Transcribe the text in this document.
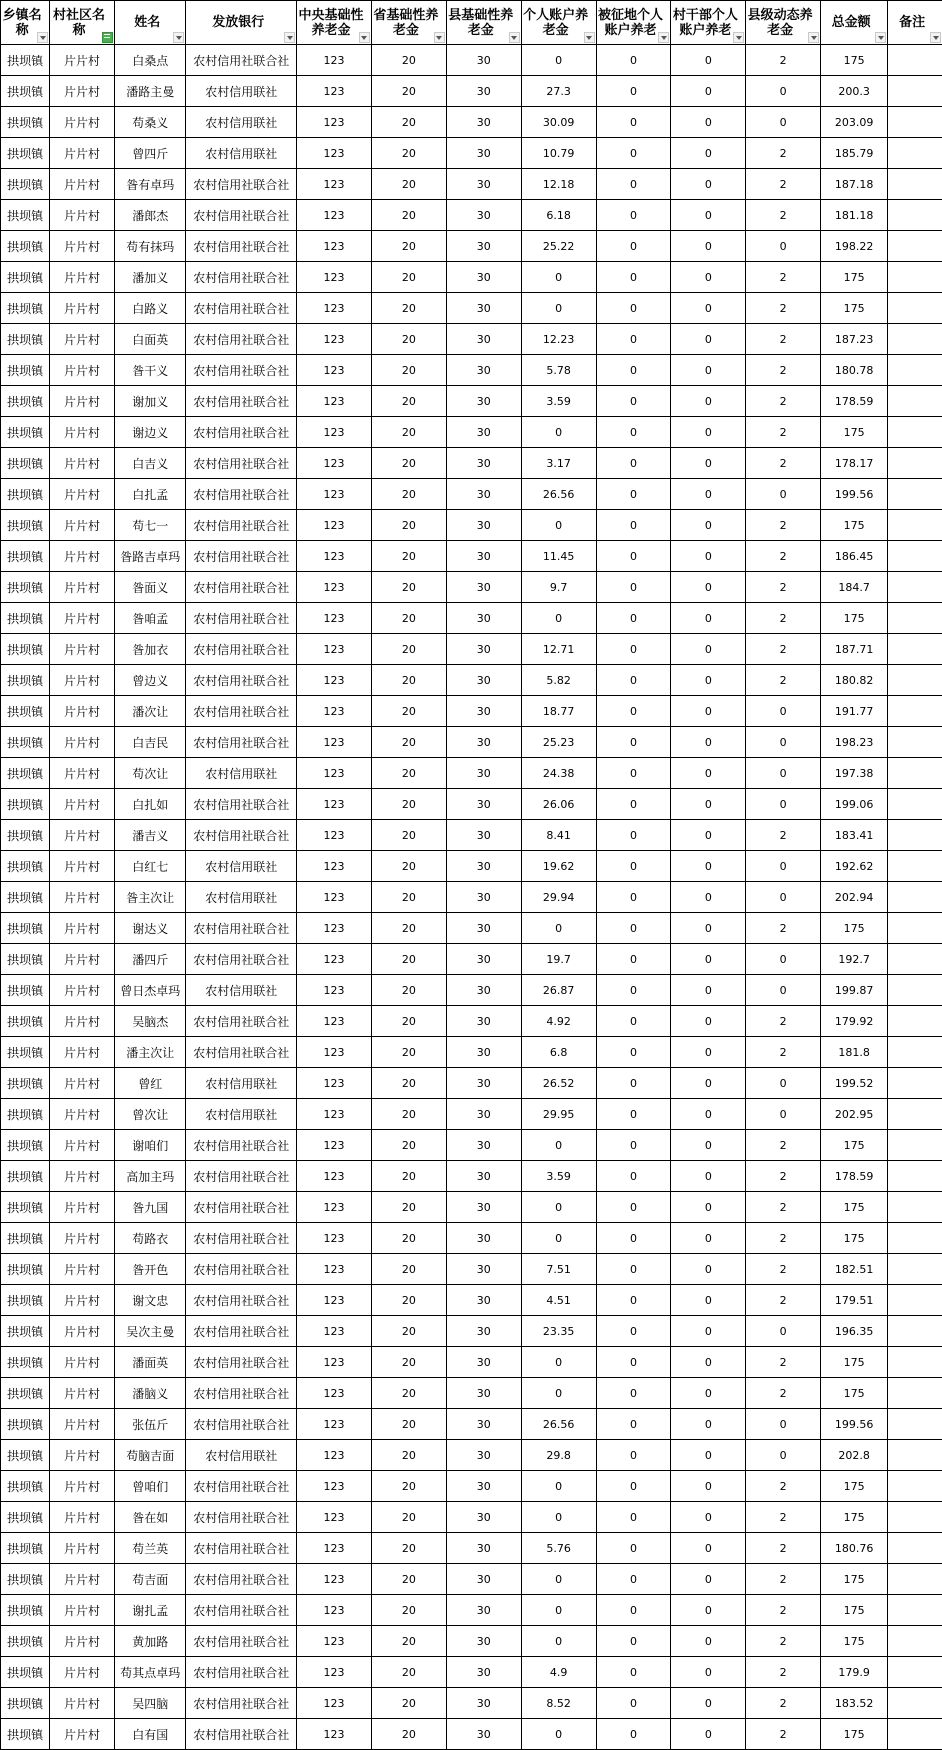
乡镇名称	村社区名称	姓名	发放银行	中央基础性养老金	省基础性养老金	县基础性养老金	个人账户养老金	被征地个人账户养老	村干部个人账户养老	县级动态养老金	总金额	备注

拱坝镇	片片村	白桑点	农村信用社联合社	123	20	30	0	0	0	2	175	
拱坝镇	片片村	潘路主曼	农村信用联社	123	20	30	27.3	0	0	0	200.3	
拱坝镇	片片村	苟桑义	农村信用联社	123	20	30	30.09	0	0	0	203.09	
拱坝镇	片片村	曾四斤	农村信用联社	123	20	30	10.79	0	0	2	185.79	
拱坝镇	片片村	昝有卓玛	农村信用社联合社	123	20	30	12.18	0	0	2	187.18	
拱坝镇	片片村	潘郎杰	农村信用社联合社	123	20	30	6.18	0	0	2	181.18	
拱坝镇	片片村	苟有抹玛	农村信用社联合社	123	20	30	25.22	0	0	0	198.22	
拱坝镇	片片村	潘加义	农村信用社联合社	123	20	30	0	0	0	2	175	
拱坝镇	片片村	白路义	农村信用社联合社	123	20	30	0	0	0	2	175	
拱坝镇	片片村	白面英	农村信用社联合社	123	20	30	12.23	0	0	2	187.23	
拱坝镇	片片村	昝干义	农村信用社联合社	123	20	30	5.78	0	0	2	180.78	
拱坝镇	片片村	谢加义	农村信用社联合社	123	20	30	3.59	0	0	2	178.59	
拱坝镇	片片村	谢边义	农村信用社联合社	123	20	30	0	0	0	2	175	
拱坝镇	片片村	白吉义	农村信用社联合社	123	20	30	3.17	0	0	2	178.17	
拱坝镇	片片村	白扎孟	农村信用社联合社	123	20	30	26.56	0	0	0	199.56	
拱坝镇	片片村	苟七一	农村信用社联合社	123	20	30	0	0	0	2	175	
拱坝镇	片片村	昝路吉卓玛	农村信用社联合社	123	20	30	11.45	0	0	2	186.45	
拱坝镇	片片村	昝面义	农村信用社联合社	123	20	30	9.7	0	0	2	184.7	
拱坝镇	片片村	昝咱孟	农村信用社联合社	123	20	30	0	0	0	2	175	
拱坝镇	片片村	昝加衣	农村信用社联合社	123	20	30	12.71	0	0	2	187.71	
拱坝镇	片片村	曾边义	农村信用社联合社	123	20	30	5.82	0	0	2	180.82	
拱坝镇	片片村	潘次让	农村信用社联合社	123	20	30	18.77	0	0	0	191.77	
拱坝镇	片片村	白吉民	农村信用社联合社	123	20	30	25.23	0	0	0	198.23	
拱坝镇	片片村	苟次让	农村信用联社	123	20	30	24.38	0	0	0	197.38	
拱坝镇	片片村	白扎如	农村信用社联合社	123	20	30	26.06	0	0	0	199.06	
拱坝镇	片片村	潘吉义	农村信用社联合社	123	20	30	8.41	0	0	2	183.41	
拱坝镇	片片村	白红七	农村信用联社	123	20	30	19.62	0	0	0	192.62	
拱坝镇	片片村	昝主次让	农村信用联社	123	20	30	29.94	0	0	0	202.94	
拱坝镇	片片村	谢达义	农村信用社联合社	123	20	30	0	0	0	2	175	
拱坝镇	片片村	潘四斤	农村信用社联合社	123	20	30	19.7	0	0	0	192.7	
拱坝镇	片片村	曾日杰卓玛	农村信用联社	123	20	30	26.87	0	0	0	199.87	
拱坝镇	片片村	吴脑杰	农村信用社联合社	123	20	30	4.92	0	0	2	179.92	
拱坝镇	片片村	潘主次让	农村信用社联合社	123	20	30	6.8	0	0	2	181.8	
拱坝镇	片片村	曾红	农村信用联社	123	20	30	26.52	0	0	0	199.52	
拱坝镇	片片村	曾次让	农村信用联社	123	20	30	29.95	0	0	0	202.95	
拱坝镇	片片村	谢咱们	农村信用社联合社	123	20	30	0	0	0	2	175	
拱坝镇	片片村	高加主玛	农村信用社联合社	123	20	30	3.59	0	0	2	178.59	
拱坝镇	片片村	昝九国	农村信用社联合社	123	20	30	0	0	0	2	175	
拱坝镇	片片村	苟路衣	农村信用社联合社	123	20	30	0	0	0	2	175	
拱坝镇	片片村	昝开色	农村信用社联合社	123	20	30	7.51	0	0	2	182.51	
拱坝镇	片片村	谢文忠	农村信用社联合社	123	20	30	4.51	0	0	2	179.51	
拱坝镇	片片村	吴次主曼	农村信用社联合社	123	20	30	23.35	0	0	0	196.35	
拱坝镇	片片村	潘面英	农村信用社联合社	123	20	30	0	0	0	2	175	
拱坝镇	片片村	潘脑义	农村信用社联合社	123	20	30	0	0	0	2	175	
拱坝镇	片片村	张伍斤	农村信用社联合社	123	20	30	26.56	0	0	0	199.56	
拱坝镇	片片村	苟脑吉面	农村信用联社	123	20	30	29.8	0	0	0	202.8	
拱坝镇	片片村	曾咱们	农村信用社联合社	123	20	30	0	0	0	2	175	
拱坝镇	片片村	昝在如	农村信用社联合社	123	20	30	0	0	0	2	175	
拱坝镇	片片村	苟兰英	农村信用社联合社	123	20	30	5.76	0	0	2	180.76	
拱坝镇	片片村	苟吉面	农村信用社联合社	123	20	30	0	0	0	2	175	
拱坝镇	片片村	谢扎孟	农村信用社联合社	123	20	30	0	0	0	2	175	
拱坝镇	片片村	黄加路	农村信用社联合社	123	20	30	0	0	0	2	175	
拱坝镇	片片村	苟其点卓玛	农村信用社联合社	123	20	30	4.9	0	0	2	179.9	
拱坝镇	片片村	吴四脑	农村信用社联合社	123	20	30	8.52	0	0	2	183.52	
拱坝镇	片片村	白有国	农村信用社联合社	123	20	30	0	0	0	2	175	
